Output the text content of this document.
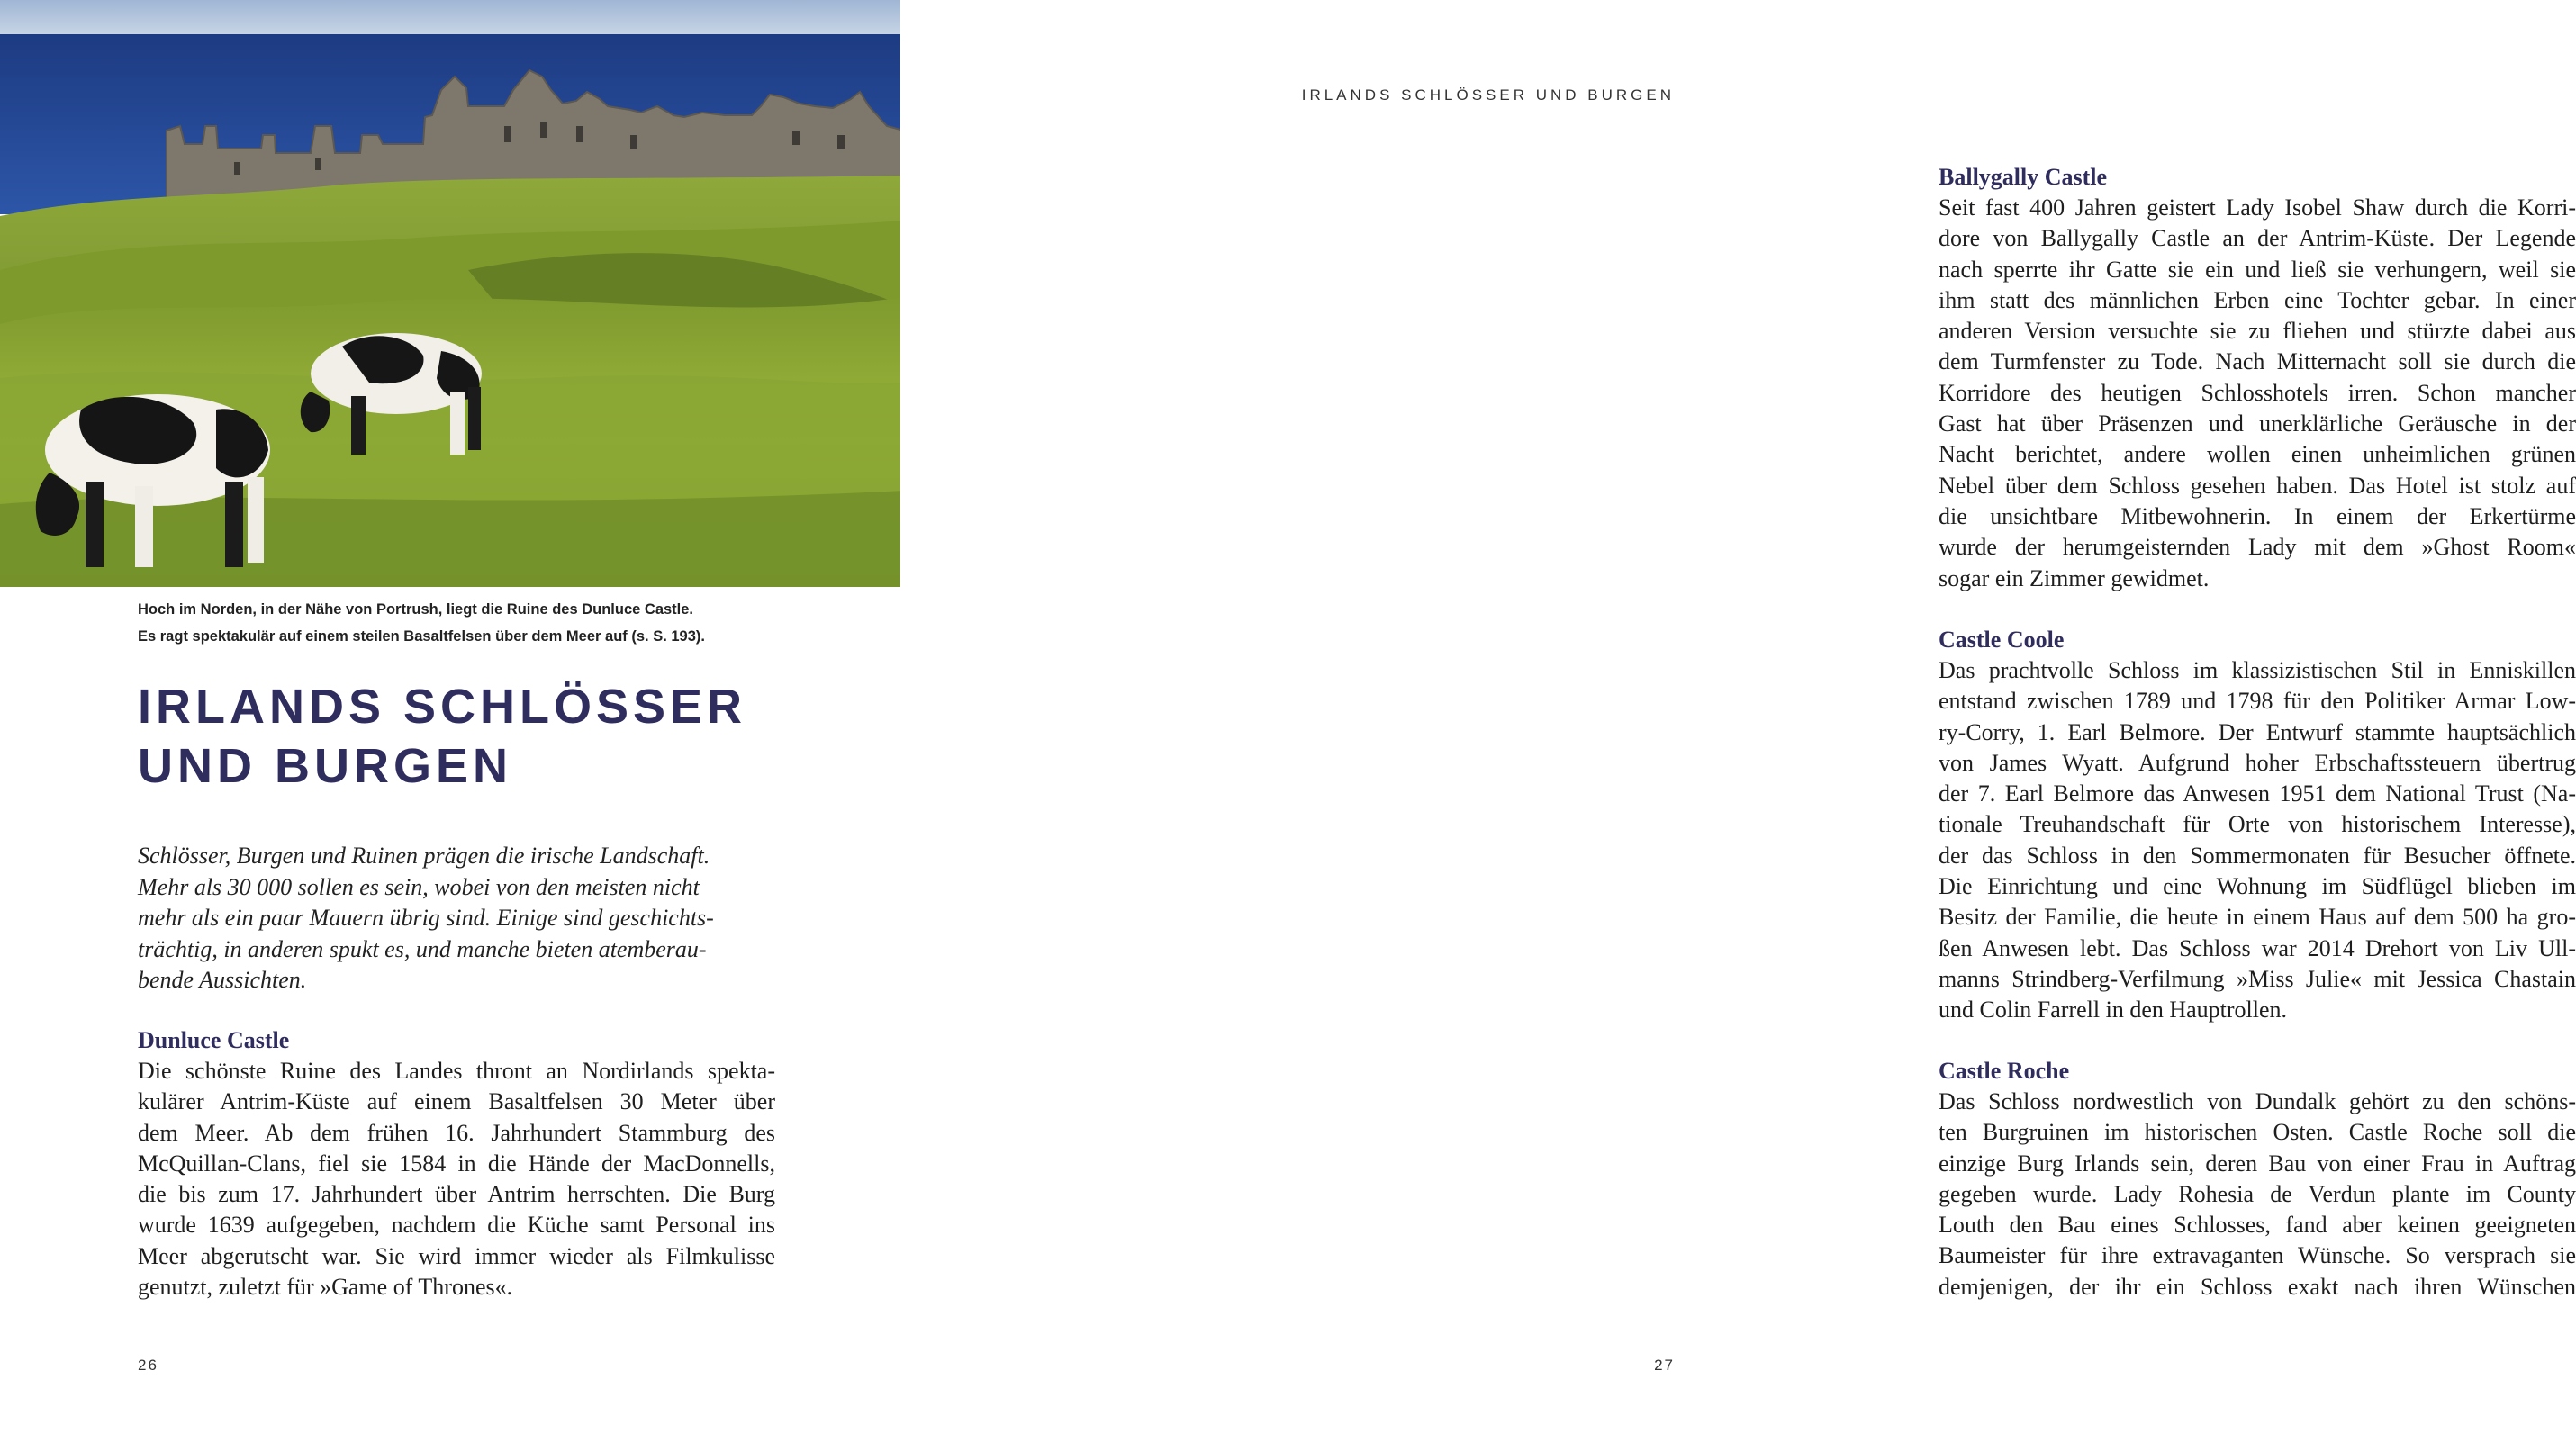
Hoch im Norden, in der Nähe von Portrush, liegt die Ruine des Dunluce Castle.
Es ragt spektakulär auf einem steilen Basaltfelsen über dem Meer auf (s. S. 193).
IRLANDS SCHLÖSSER
UND BURGEN
Schlösser, Burgen und Ruinen prägen die irische Landschaft.
Mehr als 30 000 sollen es sein, wobei von den meisten nicht
mehr als ein paar Mauern übrig sind. Einige sind geschichts-
trächtig, in anderen spukt es, und manche bieten atemberau-
bende Aussichten.
Dunluce Castle
Die schönste Ruine des Landes thront an Nordirlands spekta-
kulärer Antrim-Küste auf einem Basaltfelsen 30 Meter über
dem Meer. Ab dem frühen 16. Jahrhundert Stammburg des
McQuillan-Clans, fiel sie 1584 in die Hände der MacDonnells,
die bis zum 17. Jahrhundert über Antrim herrschten. Die Burg
wurde 1639 aufgegeben, nachdem die Küche samt Personal ins
Meer abgerutscht war. Sie wird immer wieder als Filmkulisse
genutzt, zuletzt für »Game of Thrones«.
26
IRLANDS SCHLÖSSER UND BURGEN
Ballygally Castle
Seit fast 400 Jahren geistert Lady Isobel Shaw durch die Korri-
dore von Ballygally Castle an der Antrim-Küste. Der Legende
nach sperrte ihr Gatte sie ein und ließ sie verhungern, weil sie
ihm statt des männlichen Erben eine Tochter gebar. In einer
anderen Version versuchte sie zu fliehen und stürzte dabei aus
dem Turmfenster zu Tode. Nach Mitternacht soll sie durch die
Korridore des heutigen Schlosshotels irren. Schon mancher
Gast hat über Präsenzen und unerklärliche Geräusche in der
Nacht berichtet, andere wollen einen unheimlichen grünen
Nebel über dem Schloss gesehen haben. Das Hotel ist stolz auf
die unsichtbare Mitbewohnerin. In einem der Erkertürme
wurde der herumgeisternden Lady mit dem »Ghost Room«
sogar ein Zimmer gewidmet.
Castle Coole
Das prachtvolle Schloss im klassizistischen Stil in Enniskillen
entstand zwischen 1789 und 1798 für den Politiker Armar Low-
ry-Corry, 1. Earl Belmore. Der Entwurf stammte hauptsächlich
von James Wyatt. Aufgrund hoher Erbschaftssteuern übertrug
der 7. Earl Belmore das Anwesen 1951 dem National Trust (Na-
tionale Treuhandschaft für Orte von historischem Interesse),
der das Schloss in den Sommermonaten für Besucher öffnete.
Die Einrichtung und eine Wohnung im Südflügel blieben im
Besitz der Familie, die heute in einem Haus auf dem 500 ha gro-
ßen Anwesen lebt. Das Schloss war 2014 Drehort von Liv Ull-
manns Strindberg-Verfilmung »Miss Julie« mit Jessica Chastain
und Colin Farrell in den Hauptrollen.
Castle Roche
Das Schloss nordwestlich von Dundalk gehört zu den schöns-
ten Burgruinen im historischen Osten. Castle Roche soll die
einzige Burg Irlands sein, deren Bau von einer Frau in Auftrag
gegeben wurde. Lady Rohesia de Verdun plante im County
Louth den Bau eines Schlosses, fand aber keinen geeigneten
Baumeister für ihre extravaganten Wünsche. So versprach sie
demjenigen, der ihr ein Schloss exakt nach ihren Wünschen
27
